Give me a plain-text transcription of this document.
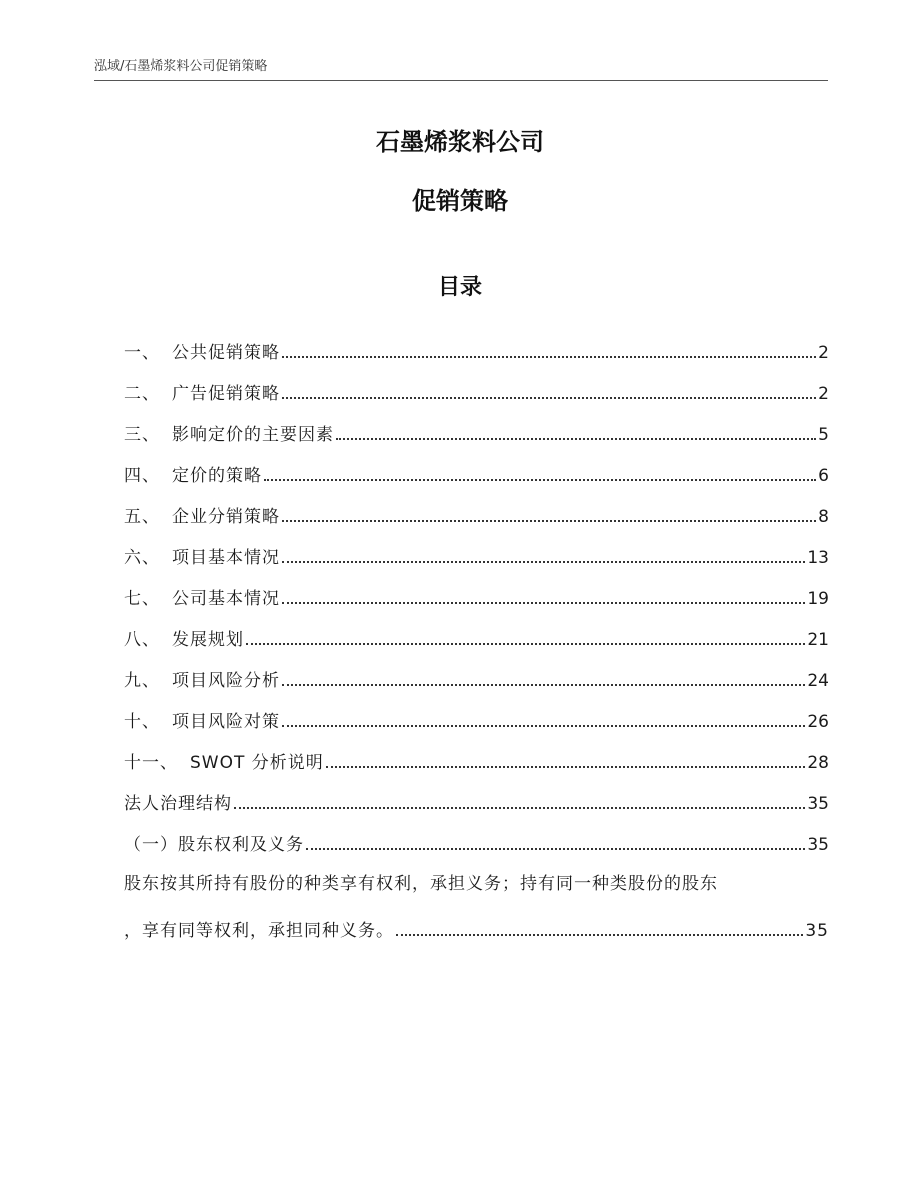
泓域/石墨烯浆料公司促销策略
石墨烯浆料公司
促销策略
目录
一、 公共促销策略	2
二、 广告促销策略	2
三、 影响定价的主要因素	5
四、 定价的策略	6
五、 企业分销策略	8
六、 项目基本情况	13
七、 公司基本情况	19
八、 发展规划	21
九、 项目风险分析	24
十、 项目风险对策	26
十一、 SWOT 分析说明	28
法人治理结构	35
（一）股东权利及义务	35
股东按其所持有股份的种类享有权利，承担义务；持有同一种类股份的股东
，享有同等权利，承担同种义务。	35
